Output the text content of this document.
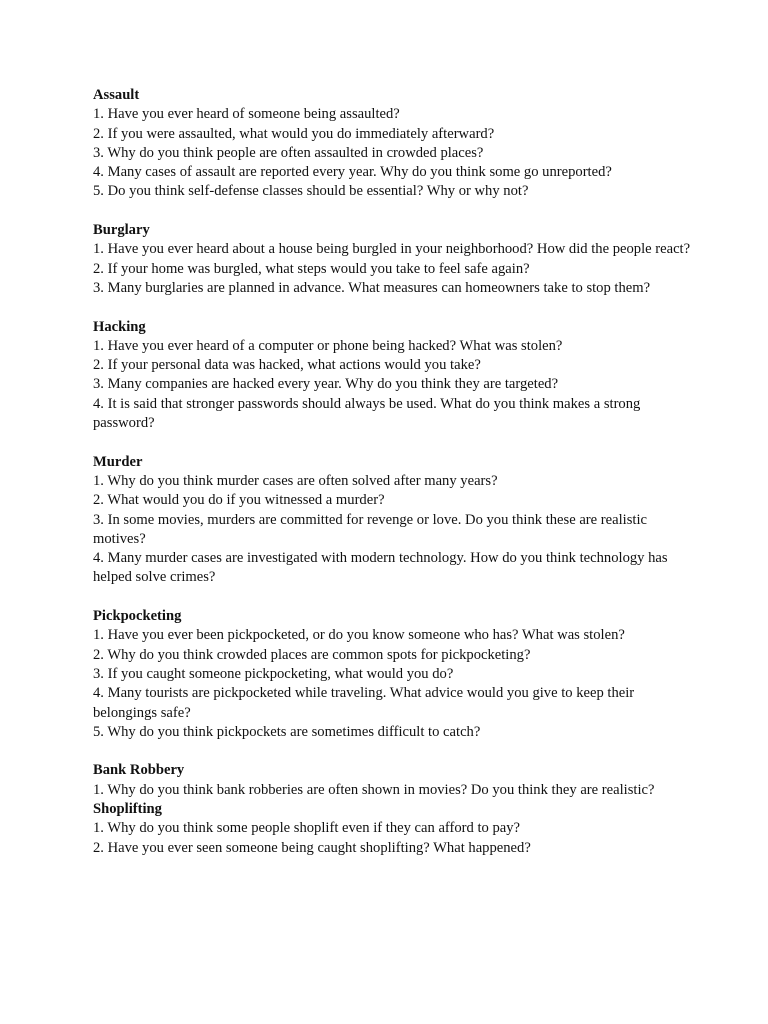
Assault

1. Have you ever heard of someone being assaulted?

2. If you were assaulted, what would you do immediately afterward?

3. Why do you think people are often assaulted in crowded places?

4. Many cases of assault are reported every year. Why do you think some go unreported?

5. Do you think self-defense classes should be essential? Why or why not?

Burglary

1. Have you ever heard about a house being burgled in your neighborhood? How did the people react?

2. If your home was burgled, what steps would you take to feel safe again?

3. Many burglaries are planned in advance. What measures can homeowners take to stop them?

Hacking

1. Have you ever heard of a computer or phone being hacked? What was stolen?

2. If your personal data was hacked, what actions would you take?

3. Many companies are hacked every year. Why do you think they are targeted?

4. It is said that stronger passwords should always be used. What do you think makes a strong password?

Murder

1. Why do you think murder cases are often solved after many years?

2. What would you do if you witnessed a murder?

3. In some movies, murders are committed for revenge or love. Do you think these are realistic motives?

4. Many murder cases are investigated with modern technology. How do you think technology has helped solve crimes?

Pickpocketing

1. Have you ever been pickpocketed, or do you know someone who has? What was stolen?

2. Why do you think crowded places are common spots for pickpocketing?

3. If you caught someone pickpocketing, what would you do?

4. Many tourists are pickpocketed while traveling. What advice would you give to keep their belongings safe?

5. Why do you think pickpockets are sometimes difficult to catch?

Bank Robbery

1. Why do you think bank robberies are often shown in movies? Do you think they are realistic?

Shoplifting

1. Why do you think some people shoplift even if they can afford to pay?

2. Have you ever seen someone being caught shoplifting? What happened?
